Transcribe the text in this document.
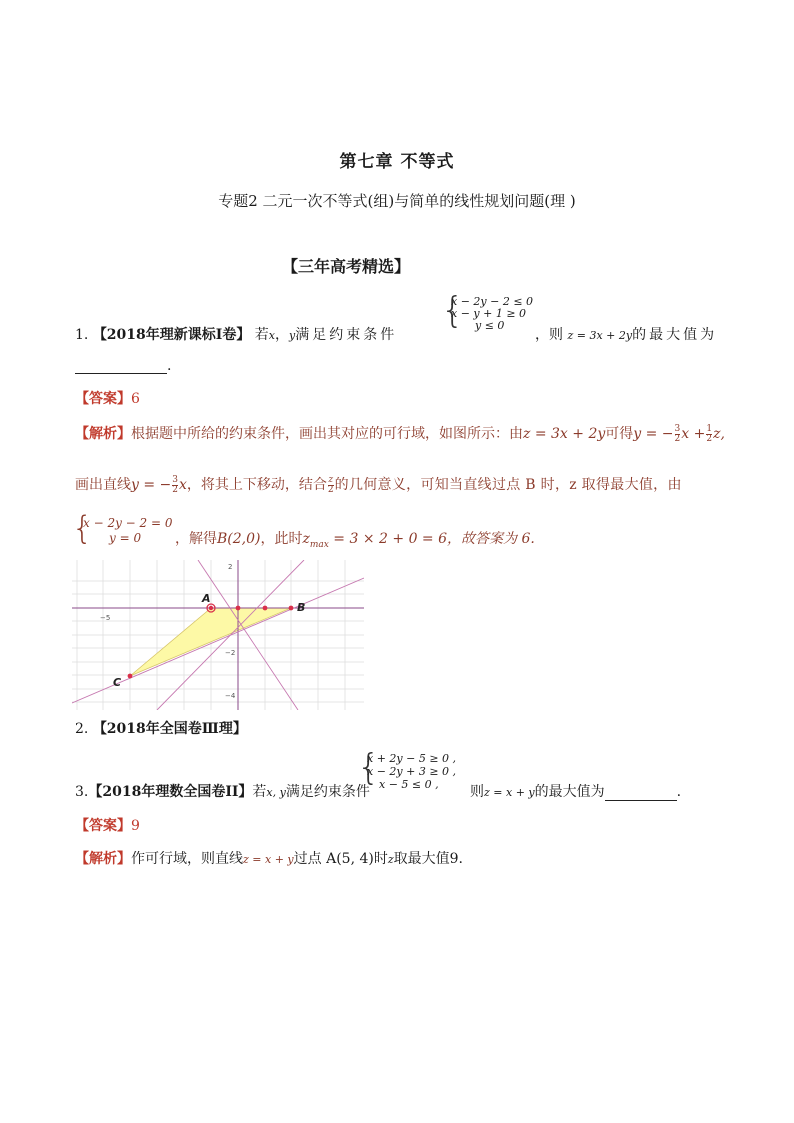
第七章 不等式
专题2 二元一次不等式(组)与简单的线性规划问题(理 )
【三年高考精选】
1. 【2018年理新课标I卷】 若x，y满足约束条件
{
x − 2y − 2 ≤ 0
x − y + 1 ≥ 0
y ≤ 0
，则 z = 3x + 2y的最大值为
.
【答案】6
【解析】根据题中所给的约束条件，画出其对应的可行域，如图所示：由z = 3x + 2y可得y = − $\frac{3}{2}$ $x + \frac{1}{2} z$,
画出直线y = − $\frac{3}{2}$ x，将其上下移动，结合 $\frac{z}{2}$ 的几何意义，可知当直线过点 B 时，z 取得最大值，由
{
x − 2y − 2 = 0
y = 0	，解得B(2,0)，此时$z_{max} = 3 \times 2 + 0 = 6$，故答案为 6.
−5
2
−2
−4
A
B
C
2. 【2018年全国卷Ⅲ理】
3.【2018年理数全国卷II】若x, y满足约束条件
{
x + 2y − 5 ≥ 0 ,
x − 2y + 3 ≥ 0 ,
x − 5 ≤ 0 ,	则z = x + y的最大值为	.
【答案】9
【解析】作可行域，则直线z = x + y过点 A(5, 4)时z取最大值9.
